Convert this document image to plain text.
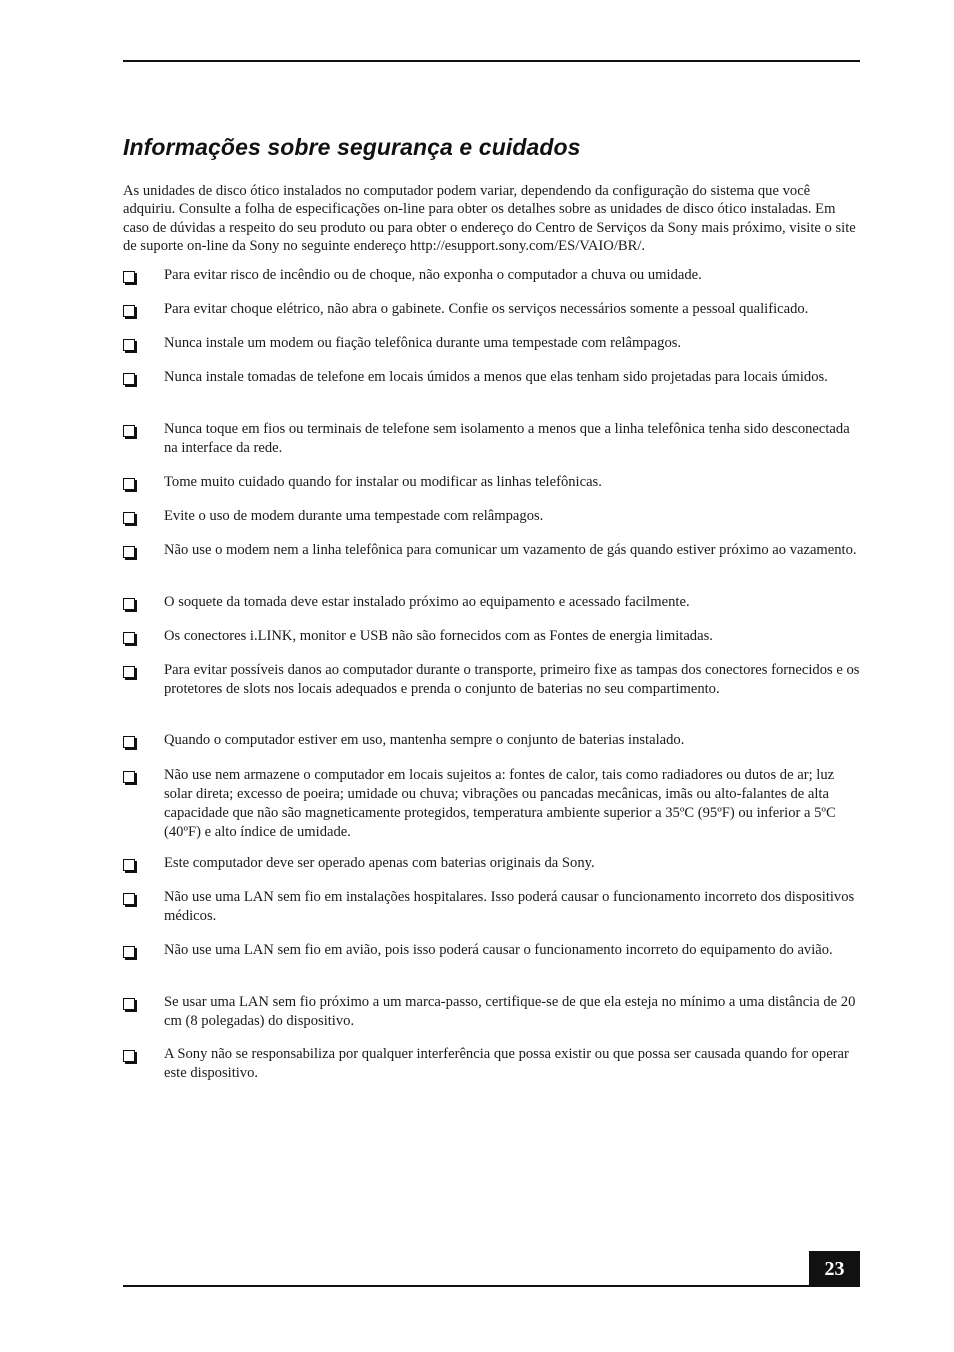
Informações sobre segurança e cuidados

As unidades de disco ótico instalados no computador podem variar, dependendo da configuração do sistema que você adquiriu. Consulte a folha de especificações on-line para obter os detalhes sobre as unidades de disco ótico instaladas. Em caso de dúvidas a respeito do seu produto ou para obter o endereço do Centro de Serviços da Sony mais próximo, visite o site de suporte on-line da Sony no seguinte endereço http://esupport.sony.com/ES/VAIO/BR/.

Para evitar risco de incêndio ou de choque, não exponha o computador a chuva ou umidade.
Para evitar choque elétrico, não abra o gabinete. Confie os serviços necessários somente a pessoal qualificado.
Nunca instale um modem ou fiação telefônica durante uma tempestade com relâmpagos.
Nunca instale tomadas de telefone em locais úmidos a menos que elas tenham sido projetadas para locais úmidos.
Nunca toque em fios ou terminais de telefone sem isolamento a menos que a linha telefônica tenha sido desconectada na interface da rede.
Tome muito cuidado quando for instalar ou modificar as linhas telefônicas.
Evite o uso de modem durante uma tempestade com relâmpagos.
Não use o modem nem a linha telefônica para comunicar um vazamento de gás quando estiver próximo ao vazamento.
O soquete da tomada deve estar instalado próximo ao equipamento e acessado facilmente.
Os conectores i.LINK, monitor e USB não são fornecidos com as Fontes de energia limitadas.
Para evitar possíveis danos ao computador durante o transporte, primeiro fixe as tampas dos conectores fornecidos e os protetores de slots nos locais adequados e prenda o conjunto de baterias no seu compartimento.
Quando o computador estiver em uso, mantenha sempre o conjunto de baterias instalado.
Não use nem armazene o computador em locais sujeitos a: fontes de calor, tais como radiadores ou dutos de ar; luz solar direta; excesso de poeira; umidade ou chuva; vibrações ou pancadas mecânicas, imãs ou alto-falantes de alta capacidade que não são magneticamente protegidos, temperatura ambiente superior a 35ºC (95ºF) ou inferior a 5ºC (40ºF) e alto índice de umidade.
Este computador deve ser operado apenas com baterias originais da Sony.
Não use uma LAN sem fio em instalações hospitalares. Isso poderá causar o funcionamento incorreto dos dispositivos médicos.
Não use uma LAN sem fio em avião, pois isso poderá causar o funcionamento incorreto do equipamento do avião.
Se usar uma LAN sem fio próximo a um marca-passo, certifique-se de que ela esteja no mínimo a uma distância de 20 cm (8 polegadas) do dispositivo.
A Sony não se responsabiliza por qualquer interferência que possa existir ou que possa ser causada quando for operar este dispositivo.
23
